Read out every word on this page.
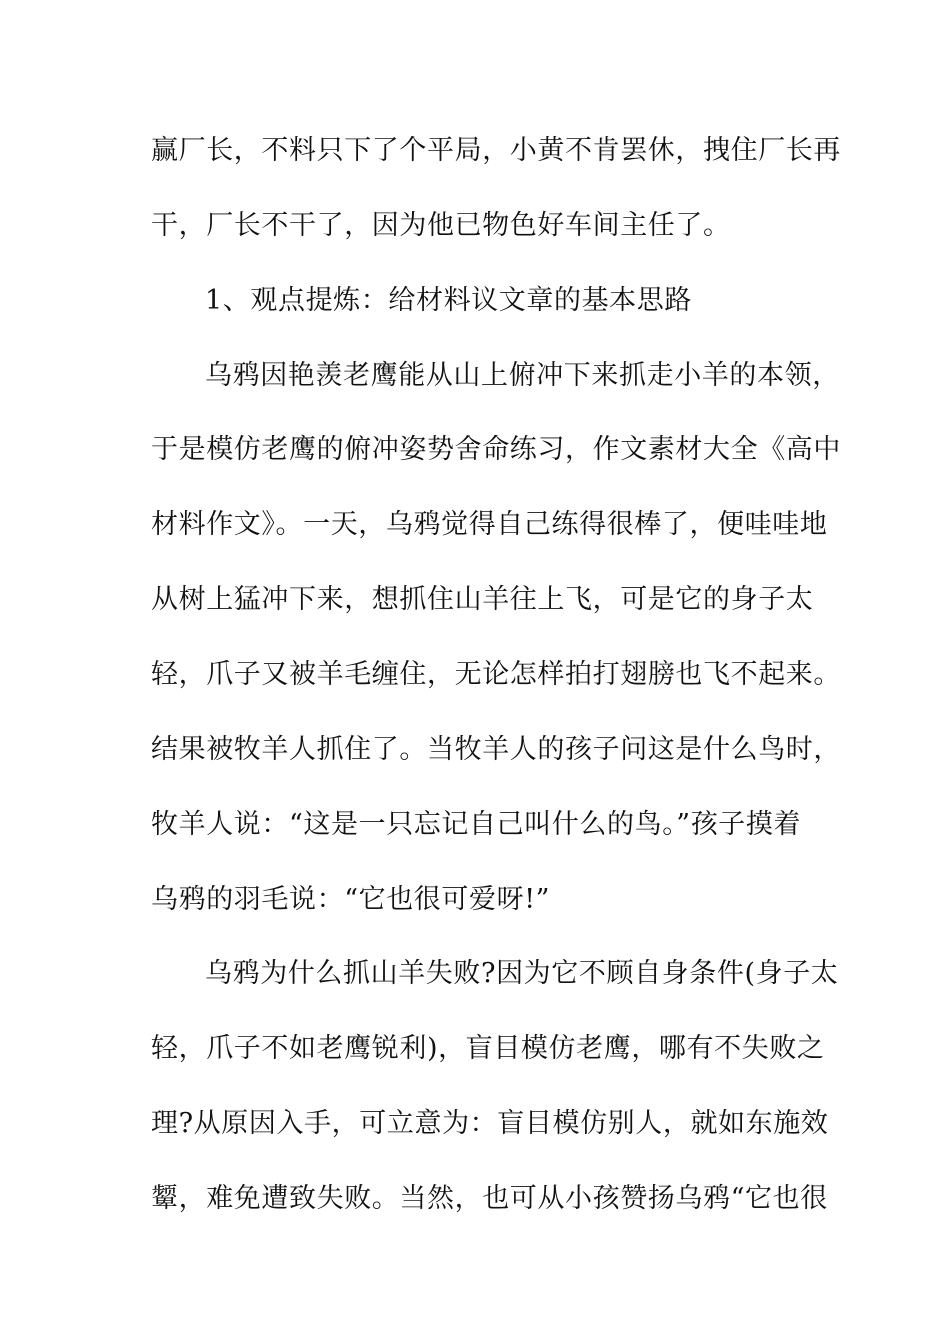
赢厂长，不料只下了个平局，小黄不肯罢休，拽住厂长再
干，厂长不干了，因为他已物色好车间主任了。
1、观点提炼：给材料议文章的基本思路
乌鸦因艳羡老鹰能从山上俯冲下来抓走小羊的本领，
于是模仿老鹰的俯冲姿势舍命练习，作文素材大全《高中
材料作文》。一天，乌鸦觉得自己练得很棒了，便哇哇地
从树上猛冲下来，想抓住山羊往上飞，可是它的身子太
轻，爪子又被羊毛缠住，无论怎样拍打翅膀也飞不起来。
结果被牧羊人抓住了。当牧羊人的孩子问这是什么鸟时，
牧羊人说：“这是一只忘记自己叫什么的鸟。”孩子摸着
乌鸦的羽毛说：“它也很可爱呀!”
乌鸦为什么抓山羊失败?因为它不顾自身条件(身子太
轻，爪子不如老鹰锐利)，盲目模仿老鹰，哪有不失败之
理?从原因入手，可立意为：盲目模仿别人，就如东施效
颦，难免遭致失败。当然，也可从小孩赞扬乌鸦“它也很
